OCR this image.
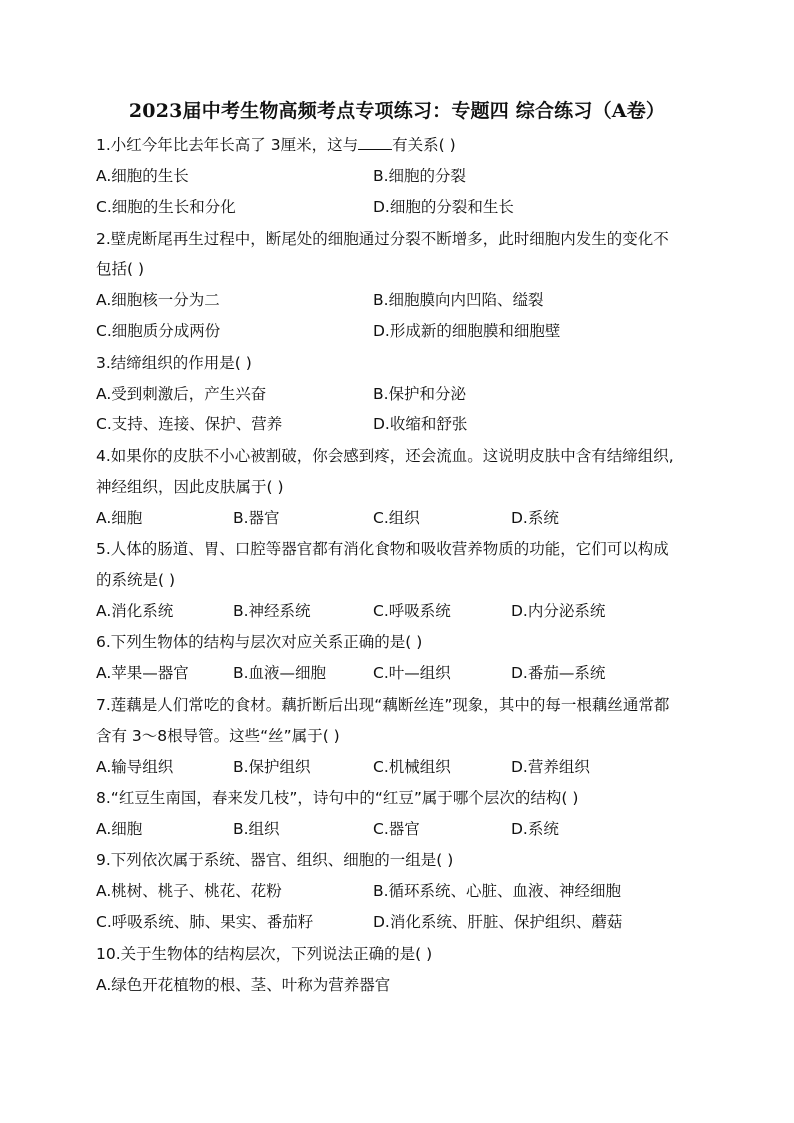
2023届中考生物高频考点专项练习：专题四 综合练习（A卷）
1.小红今年比去年长高了 3厘米，这与 有关系( )
A.细胞的生长	B.细胞的分裂
C.细胞的生长和分化	D.细胞的分裂和生长
2.壁虎断尾再生过程中，断尾处的细胞通过分裂不断增多，此时细胞内发生的变化不
包括( )
A.细胞核一分为二	B.细胞膜向内凹陷、缢裂
C.细胞质分成两份	D.形成新的细胞膜和细胞壁
3.结缔组织的作用是( )
A.受到刺激后，产生兴奋	B.保护和分泌
C.支持、连接、保护、营养	D.收缩和舒张
4.如果你的皮肤不小心被割破，你会感到疼，还会流血。这说明皮肤中含有结缔组织,
神经组织，因此皮肤属于( )
A.细胞	B.器官	C.组织	D.系统
5.人体的肠道、胃、口腔等器官都有消化食物和吸收营养物质的功能，它们可以构成
的系统是( )
A.消化系统	B.神经系统	C.呼吸系统	D.内分泌系统
6.下列生物体的结构与层次对应关系正确的是( )
A.苹果—器官	B.血液—细胞	C.叶—组织	D.番茄—系统
7.莲藕是人们常吃的食材。藕折断后出现“藕断丝连”现象，其中的每一根藕丝通常都
含有 3～8根导管。这些“丝”属于( )
A.输导组织	B.保护组织	C.机械组织	D.营养组织
8.“红豆生南国，春来发几枝”，诗句中的“红豆”属于哪个层次的结构( )
A.细胞	B.组织	C.器官	D.系统
9.下列依次属于系统、器官、组织、细胞的一组是( )
A.桃树、桃子、桃花、花粉	B.循环系统、心脏、血液、神经细胞
C.呼吸系统、肺、果实、番茄籽	D.消化系统、肝脏、保护组织、蘑菇
10.关于生物体的结构层次，下列说法正确的是( )
A.绿色开花植物的根、茎、叶称为营养器官
